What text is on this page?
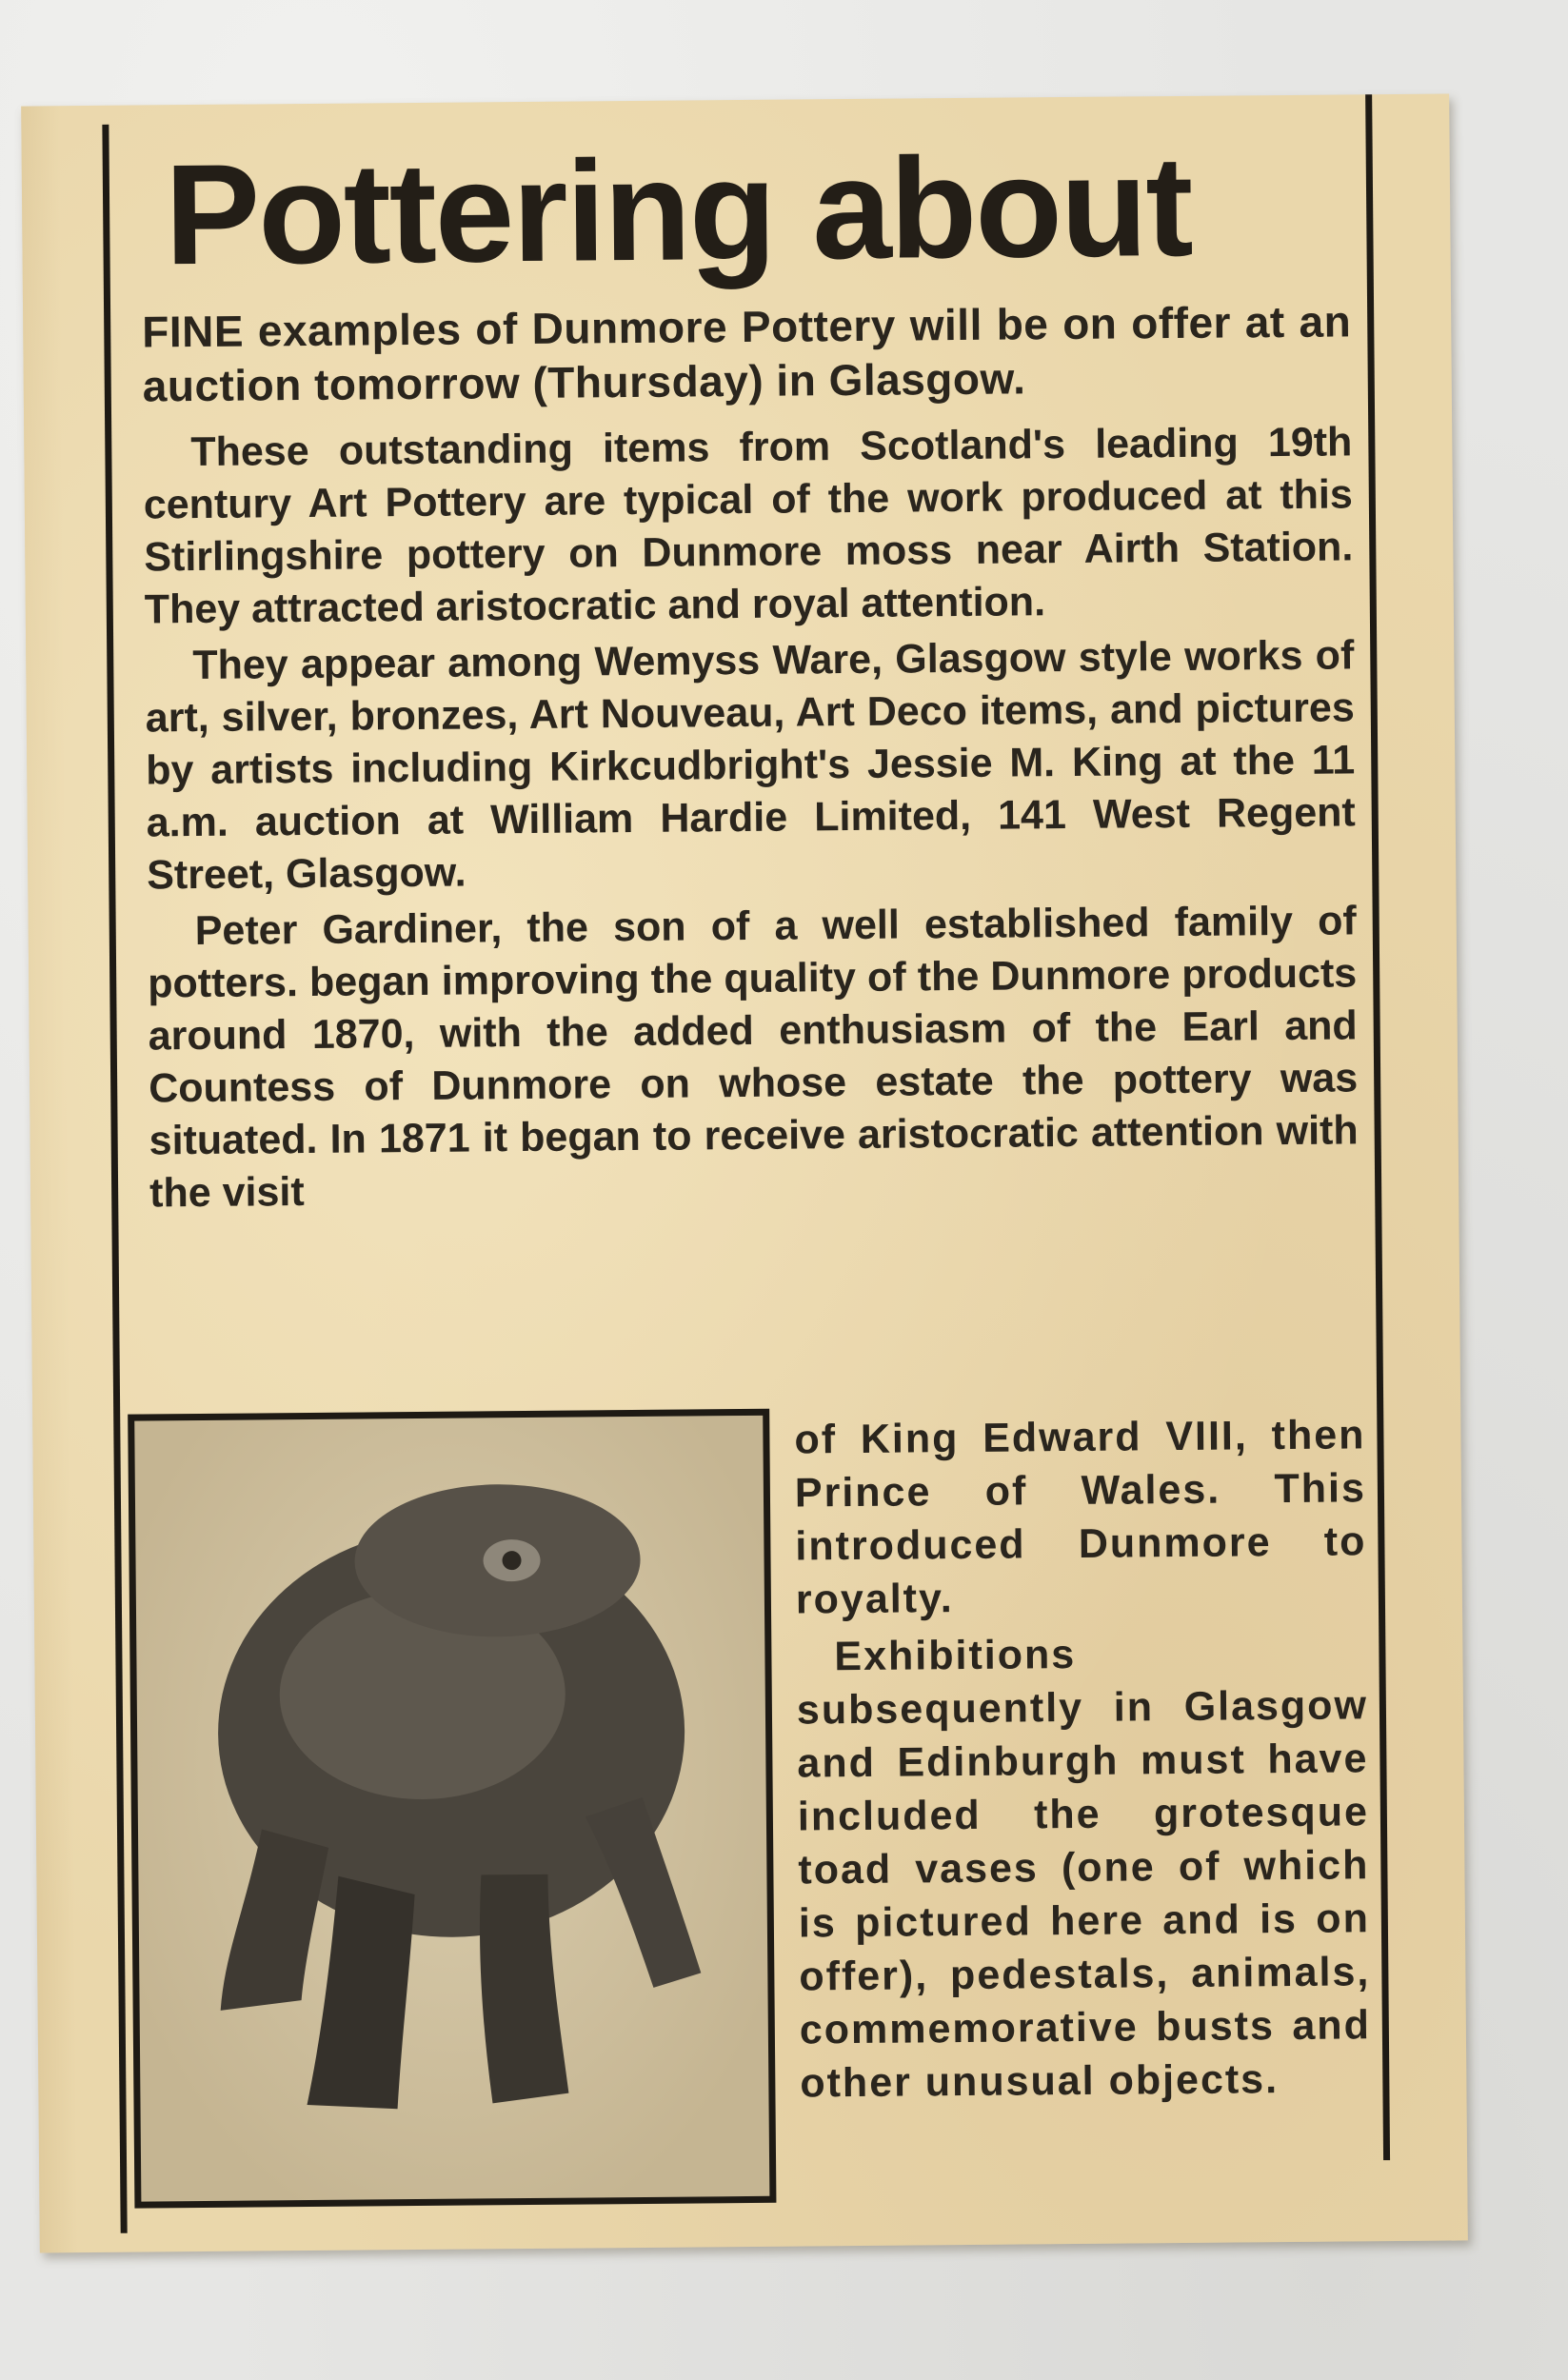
Pottering about

FINE examples of Dunmore Pottery will be on offer at an auction tomorrow (Thursday) in Glasgow.

These outstanding items from Scotland's leading 19th century Art Pottery are typical of the work produced at this Stirlingshire pottery on Dunmore moss near Airth Station. They attracted aristocratic and royal attention.

They appear among Wemyss Ware, Glasgow style works of art, silver, bronzes, Art Nouveau, Art Deco items, and pictures by artists including Kirkcudbright's Jessie M. King at the 11 a.m. auction at William Hardie Limited, 141 West Regent Street, Glasgow.

Peter Gardiner, the son of a well established family of potters. began improving the quality of the Dunmore products around 1870, with the added enthusiasm of the Earl and Countess of Dunmore on whose estate the pottery was situated. In 1871 it began to receive aristocratic attention with the visit

of King Edward VIII, then Prince of Wales. This introduced Dunmore to royalty.

Exhibitions subsequently in Glasgow and Edinburgh must have included the grotesque toad vases (one of which is pictured here and is on offer), pedestals, animals, commemorative busts and other unusual objects.
